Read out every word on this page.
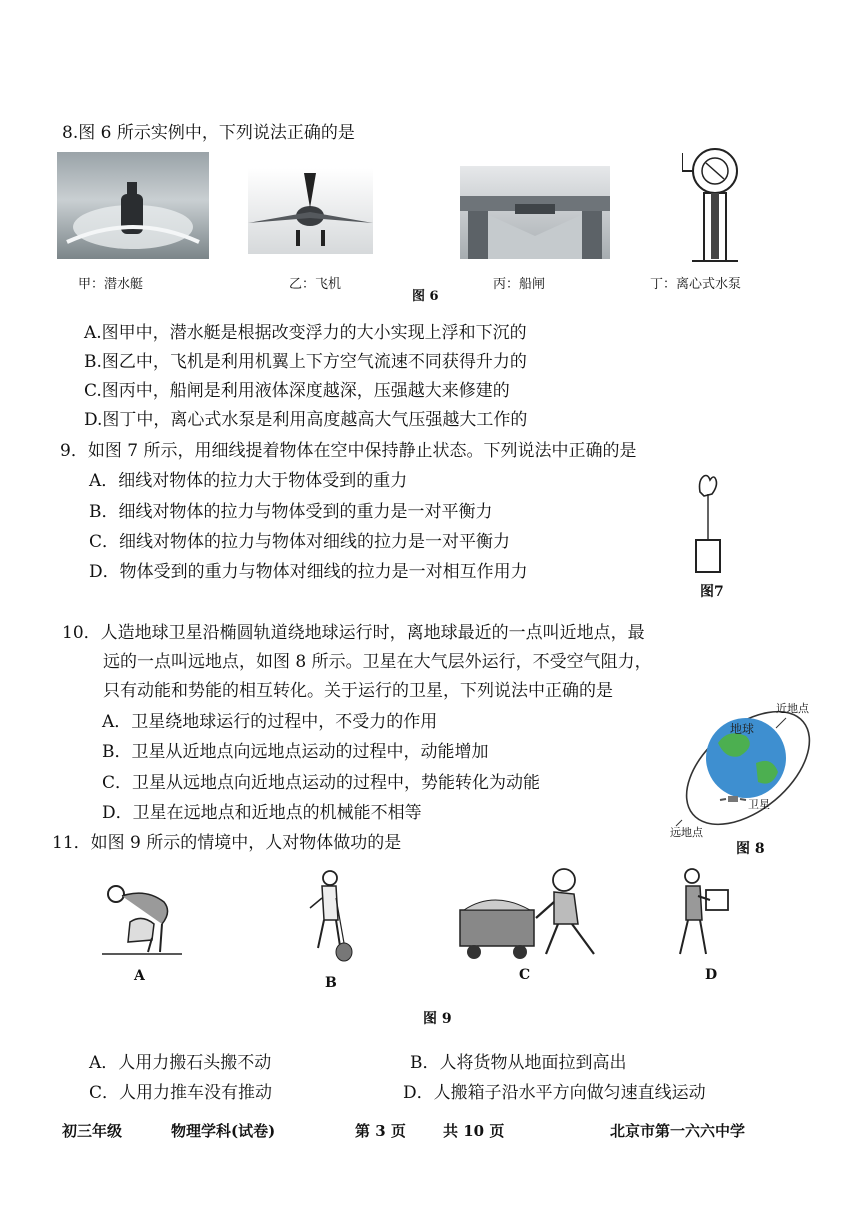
8.图 6 所示实例中，下列说法正确的是
甲：潜水艇	乙：飞机
图 6
丙：船闸	丁：离心式水泵
A.图甲中，潜水艇是根据改变浮力的大小实现上浮和下沉的
B.图乙中，飞机是利用机翼上下方空气流速不同获得升力的
C.图丙中，船闸是利用液体深度越深，压强越大来修建的
D.图丁中，离心式水泵是利用高度越高大气压强越大工作的
9．如图 7 所示，用细线提着物体在空中保持静止状态。下列说法中正确的是
A．细线对物体的拉力大于物体受到的重力
B．细线对物体的拉力与物体受到的重力是一对平衡力
C．细线对物体的拉力与物体对细线的拉力是一对平衡力
D．物体受到的重力与物体对细线的拉力是一对相互作用力
图7
10．人造地球卫星沿椭圆轨道绕地球运行时，离地球最近的一点叫近地点，最
远的一点叫远地点，如图 8 所示。卫星在大气层外运行，不受空气阻力，
只有动能和势能的相互转化。关于运行的卫星，下列说法中正确的是
A．卫星绕地球运行的过程中，不受力的作用
B．卫星从近地点向远地点运动的过程中，动能增加
C．卫星从远地点向近地点运动的过程中，势能转化为动能
D．卫星在远地点和近地点的机械能不相等
地球
近地点
卫星
远地点
图 8
11．如图 9 所示的情境中，人对物体做功的是
A	B	C	D
图 9
A．人用力搬石头搬不动	B．人将货物从地面拉到高出
C．人用力推车没有推动	D．人搬箱子沿水平方向做匀速直线运动
初三年级	物理学科(试卷)	第 3 页 共 10 页	北京市第一六六中学
